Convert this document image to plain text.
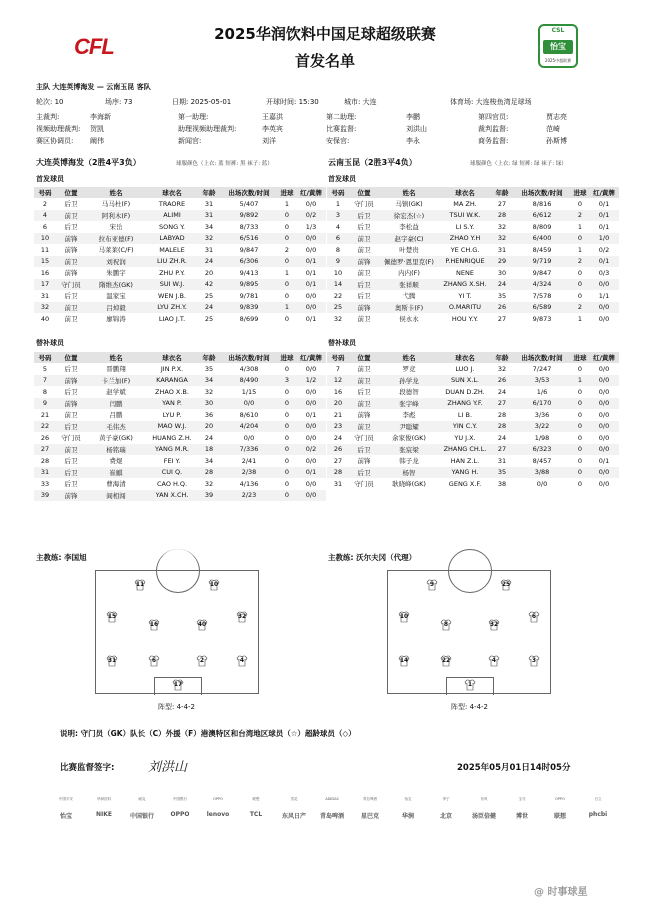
CFL
CSL
怡宝
2025中超联赛
2025华润饮料中国足球超级联赛
首发名单
主队 大连英博海发 — 云南玉昆 客队
轮次: 10	场序: 73	日期: 2025-05-01	开球时间: 15:30	城市: 大连	体育场: 大连梭鱼湾足球场
主裁判:	李海新	第一助理:	王嘉洪	第二助理:	李鹏	第四官员:	贾志亮
视频助理裁判: 贺凯	助理视频助理裁判:	李英宾	比赛监督:	刘洪山	裁判监督:	范崎
赛区协调员: 阚伟	新闻官:	刘洋	安保官:	李永	商务监督:	孙斯博
大连英博海发（2胜4平3负）	球服颜色（上衣: 蓝 短裤: 黑 袜子: 蓝）	云南玉昆（2胜3平4负）	球服颜色（上衣: 绿 短裤: 绿 袜子: 绿）
首发球员	首发球员
号码	位置	姓名	球衣名	年龄	出场次数/时间	进球	红/黄牌
2	后卫	马马杜(F)	TRAORE	31	5/407	1	0/0
4	前卫	阿利木(F)	ALIMI	31	9/892	0	0/2
6	后卫	宋岳	SONG Y.	34	8/733	0	1/3
10	前锋	拉布亚德(F)	LABYAD	32	6/516	0	0/0
11	前锋	马莱莱(C/F)	MALELE	31	9/847	2	0/0
15	前卫	刘祝润	LIU ZH.R.	24	6/306	0	0/1
16	前锋	朱鹏宇	ZHU P.Y.	20	9/413	1	0/1
17	守门员	隋维杰(GK)	SUI W.J.	42	9/895	0	0/1
31	后卫	温家宝	WEN J.B.	25	9/781	0	0/0
32	前卫	吕焯毅	LYU ZH.Y.	24	9/839	1	0/0
40	前卫	廖锦涛	LIAO J.T.	25	8/699	0	0/1
号码	位置	姓名	球衣名	年龄	出场次数/时间	进球	红/黄牌
1	守门员	马镇(GK)	MA ZH.	27	8/816	0	0/1
3	后卫	徐宏杰(☆)	TSUI W.K.	28	6/612	2	0/1
4	后卫	李松益	LI S.Y.	32	8/809	1	0/1
6	前卫	赵宇豪(C)	ZHAO Y.H	32	6/400	0	1/0
8	前卫	叶楚贵	YE CH.G.	31	8/459	1	0/2
9	前锋	佩德罗·恩里克(F)	P.HENRIQUE	29	9/719	2	0/1
10	前卫	内内(F)	NENE	30	9/847	0	0/3
14	后卫	张祥顺	ZHANG X.SH.	24	4/324	0	0/0
22	后卫	弋腾	YI T.	35	7/578	0	1/1
25	前锋	奥斯卡(F)	O.MARITU	26	6/589	2	0/0
32	前卫	侯永永	HOU Y.Y.	27	9/873	1	0/0
替补球员	替补球员
号码	位置	姓名	球衣名	年龄	出场次数/时间	进球	红/黄牌
5	后卫	晋鹏翔	JIN P.X.	35	4/308	0	0/0
7	前锋	卡兰加(F)	KARANGA	34	8/490	3	1/2
8	后卫	赵学斌	ZHAO X.B.	32	1/15	0	0/0
9	前锋	闫鹏	YAN P.	30	0/0	0	0/0
21	前卫	吕鹏	LYU P.	36	8/610	0	0/1
22	后卫	毛伟杰	MAO W.J.	20	4/204	0	0/0
26	守门员	黄子豪(GK)	HUANG Z.H.	24	0/0	0	0/0
27	前卫	杨铭瑞	YANG M.R.	18	7/336	0	0/2
28	后卫	费煜	FEI Y.	34	2/41	0	0/0
31	后卫	崔麒	CUI Q.	28	2/38	0	0/1
33	后卫	曹海清	CAO H.Q.	32	4/136	0	0/0
39	前锋	阎相闯	YAN X.CH.	39	2/23	0	0/0
号码	位置	姓名	球衣名	年龄	出场次数/时间	进球	红/黄牌
7	前卫	罗竞	LUO J.	32	7/247	0	0/0
12	前卫	孙学龙	SUN X.L.	26	3/53	1	0/0
16	后卫	段德智	DUAN D.ZH.	24	1/6	0	0/0
20	前卫	张宇峰	ZHANG Y.F.	27	6/170	0	0/0
21	前锋	李彪	LI B.	28	3/36	0	0/0
23	前卫	尹聪耀	YIN C.Y.	28	3/22	0	0/0
24	守门员	余家俊(GK)	YU J.X.	24	1/98	0	0/0
26	后卫	张宸梁	ZHANG CH.L.	27	6/323	0	0/0
27	前锋	韩子龙	HAN Z.L.	31	8/457	0	0/1
28	后卫	杨智	YANG H.	35	3/88	0	0/0
31	守门员	耿晓峰(GK)	GENG X.F.	38	0/0	0	0/0
主教练: 李国旭	主教练: 沃尔夫冈（代理）
11	10
15
16	40
32
31	6	2	4
17
9	25
10
8	32
6
14	22	4	3
1
阵型: 4-4-2	阵型: 4-4-2
说明: 守门员（GK）队长（C）外援（F）港澳特区和台湾地区球员（☆）超龄球员（◇）
比赛监督签字:	刘洪山	2025年05月01日14时05分
中国平安	华润饮料	耐克	中国银行	OPPO	联想	雪花	ADIDAS	青岛啤酒	怡宝	李宁	东风	宝马	OPPO	日立
怡宝	NIKE	中国银行	OPPO	lenovo	TCL	东风日产	青岛啤酒	星巴克	华润	北京	汤臣倍健	博世	联想	phcbi
@ 时事球星
